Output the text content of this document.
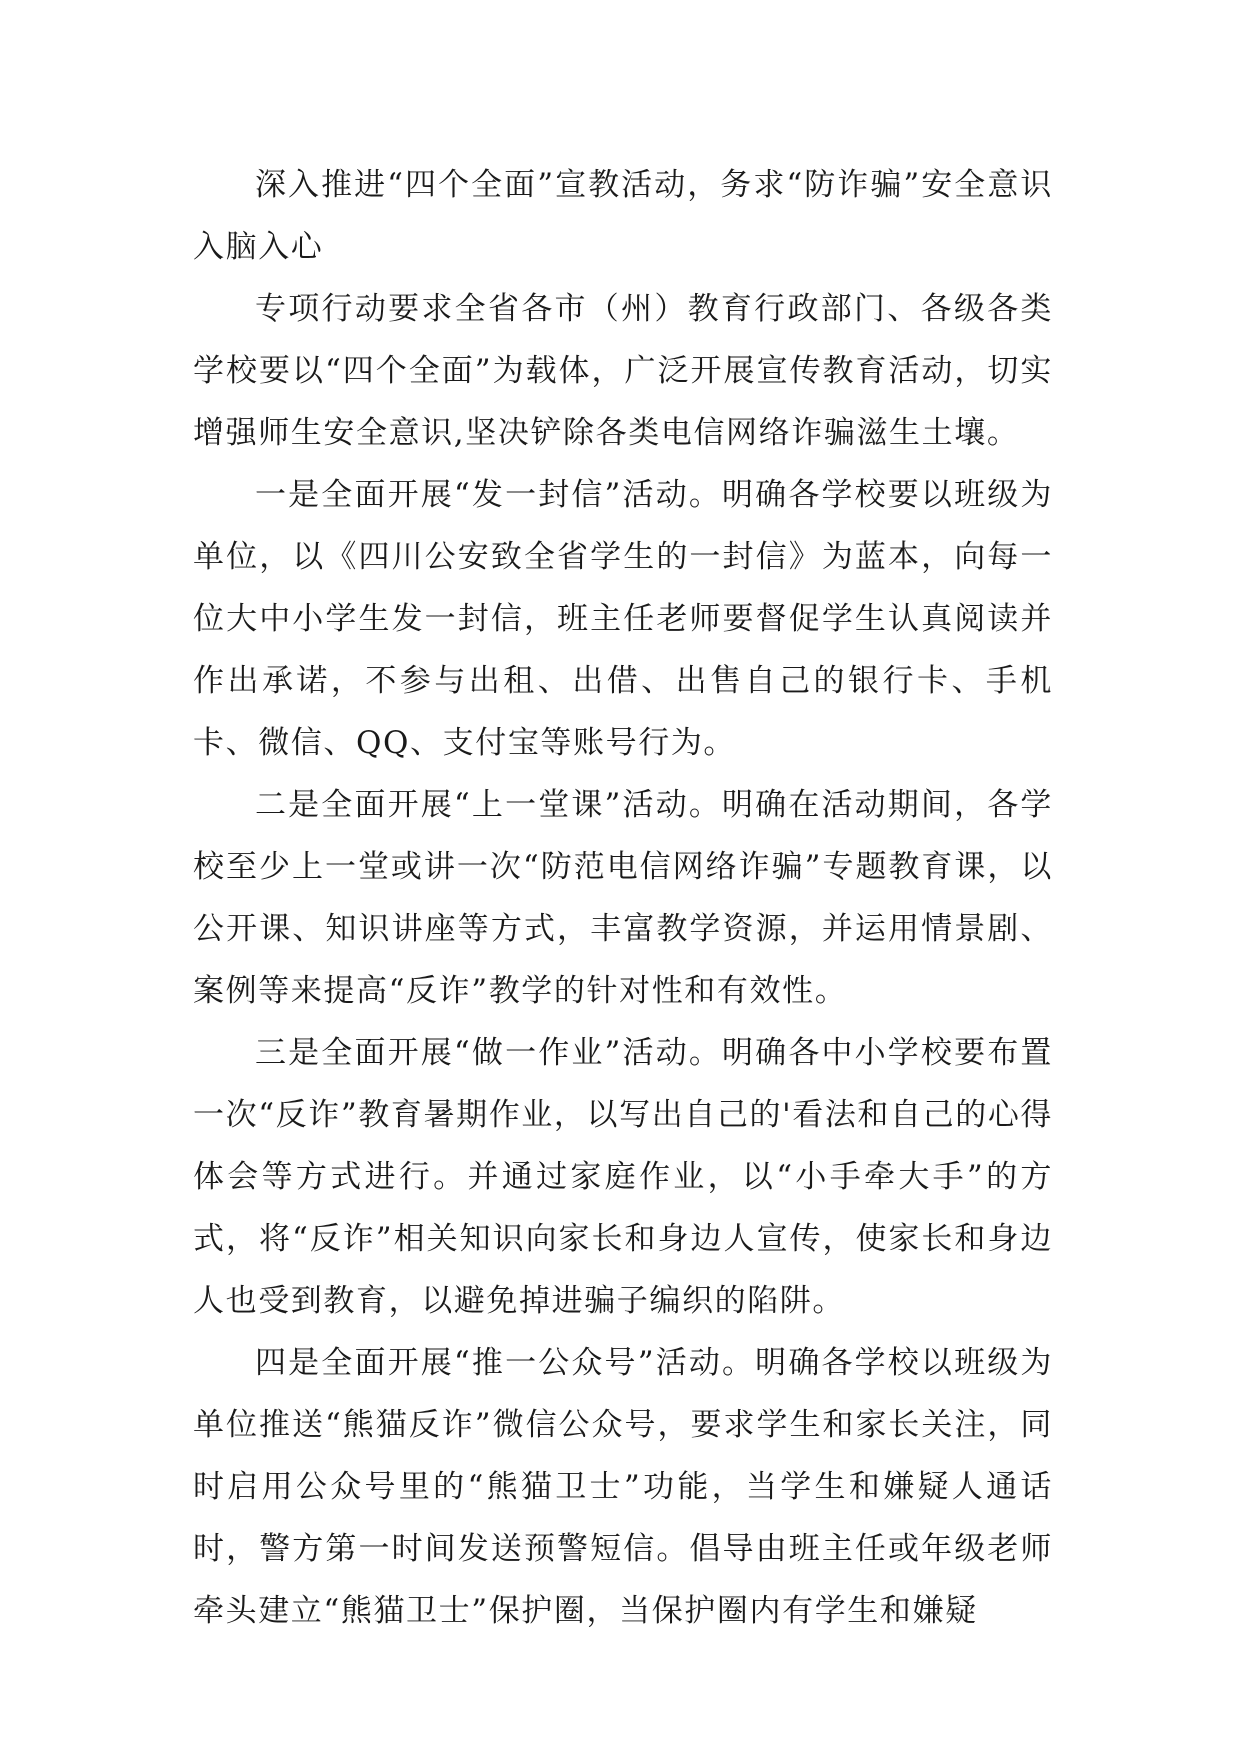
深入推进“四个全面”宣教活动，务求“防诈骗”安全意识入脑入心

专项行动要求全省各市（州）教育行政部门、各级各类学校要以“四个全面”为载体，广泛开展宣传教育活动，切实增强师生安全意识,坚决铲除各类电信网络诈骗滋生土壤。

一是全面开展“发一封信”活动。明确各学校要以班级为单位，以《四川公安致全省学生的一封信》为蓝本，向每一位大中小学生发一封信，班主任老师要督促学生认真阅读并作出承诺，不参与出租、出借、出售自己的银行卡、手机卡、微信、QQ、支付宝等账号行为。

二是全面开展“上一堂课”活动。明确在活动期间，各学校至少上一堂或讲一次“防范电信网络诈骗”专题教育课，以公开课、知识讲座等方式，丰富教学资源，并运用情景剧、案例等来提高“反诈”教学的针对性和有效性。

三是全面开展“做一作业”活动。明确各中小学校要布置一次“反诈”教育暑期作业，以写出自己的'看法和自己的心得体会等方式进行。并通过家庭作业，以“小手牵大手”的方式，将“反诈”相关知识向家长和身边人宣传，使家长和身边人也受到教育，以避免掉进骗子编织的陷阱。

四是全面开展“推一公众号”活动。明确各学校以班级为单位推送“熊猫反诈”微信公众号，要求学生和家长关注，同时启用公众号里的“熊猫卫士”功能，当学生和嫌疑人通话时，警方第一时间发送预警短信。倡导由班主任或年级老师牵头建立“熊猫卫士”保护圈，当保护圈内有学生和嫌疑
